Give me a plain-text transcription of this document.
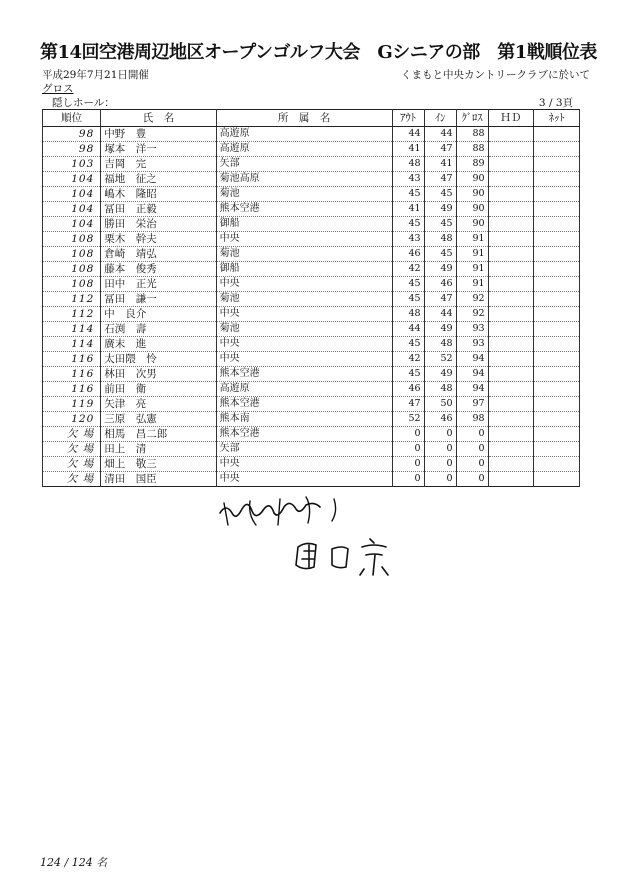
第14回空港周辺地区オープンゴルフ大会　Gシニアの部　第1戦順位表
平成29年7月21日開催	くまもと中央カントリークラブに於いて
グロス
隠しホール：	3 / 3頁
順位	氏　名	所　属　名	ｱｳﾄ	ｲﾝ	ｸﾞﾛｽ	ＨＤ	ﾈｯﾄ
98	中野　豊	高遊原	44	44	88		
98	塚本　洋一	高遊原	41	47	88		
103	吉岡　完	矢部	48	41	89		
104	福地　征之	菊池高原	43	47	90		
104	嶋木　隆昭	菊池	45	45	90		
104	冨田　正毅	熊本空港	41	49	90		
104	勝田　栄治	御船	45	45	90		
108	栗木　幹夫	中央	43	48	91		
108	倉崎　靖弘	菊池	46	45	91		
108	藤本　俊秀	御船	42	49	91		
108	田中　正光	中央	45	46	91		
112	冨田　謙一	菊池	45	47	92		
112	中　良介	中央	48	44	92		
114	石渕　壽	菊池	44	49	93		
114	廣末　進	中央	45	48	93		
116	太田隈　怜	中央	42	52	94		
116	林田　次男	熊本空港	45	49	94		
116	前田　衛	高遊原	46	48	94		
119	矢津　亮	熊本空港	47	50	97		
120	三原　弘憲	熊本南	52	46	98		
欠 場	相馬　昌二郎	熊本空港	0	0	0		
欠 場	田上　清	矢部	0	0	0		
欠 場	畑上　敬三	中央	0	0	0		
欠 場	清田　国臣	中央	0	0	0		
124 / 124 名
